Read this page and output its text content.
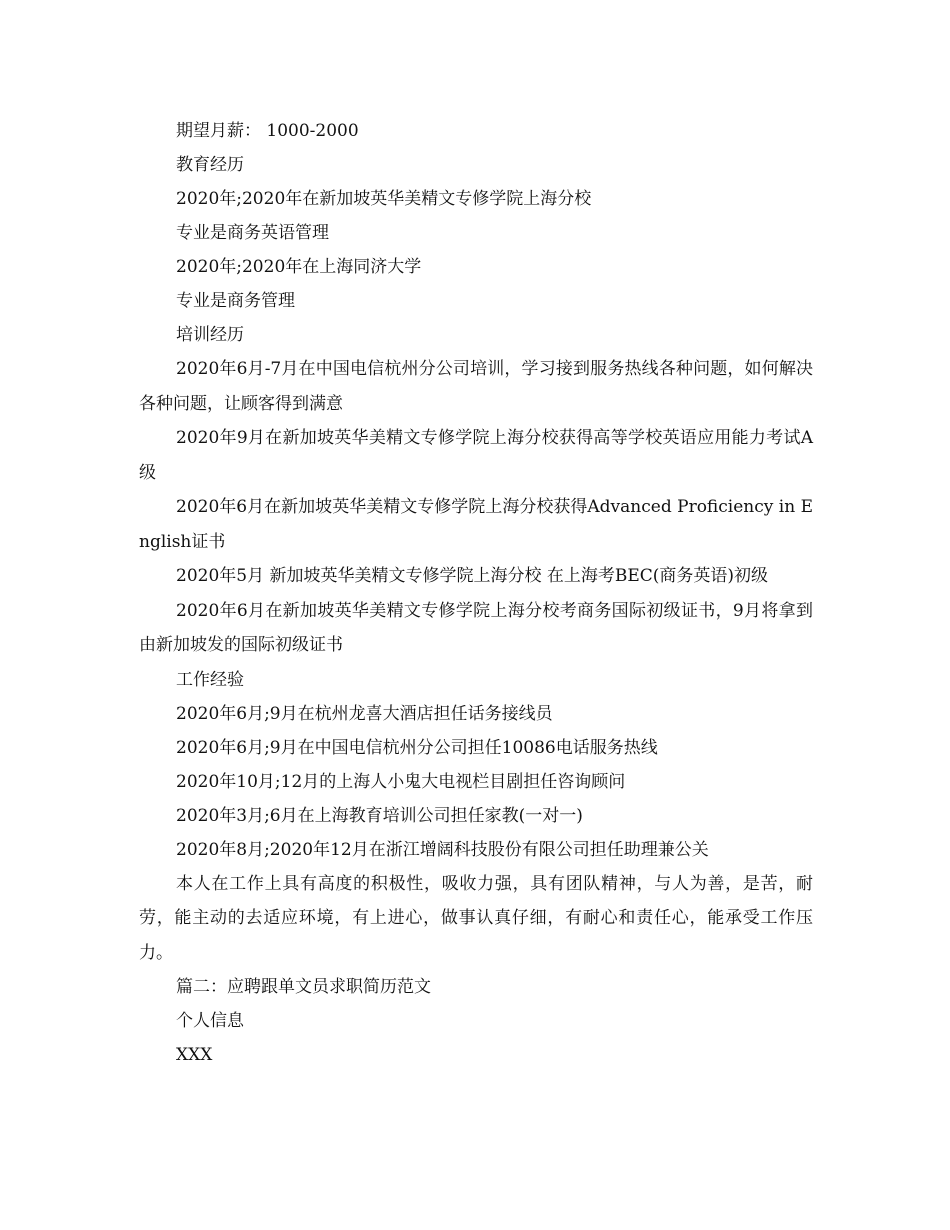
期望月薪： 1000-2000

教育经历

2020年;2020年在新加坡英华美精文专修学院上海分校

专业是商务英语管理

2020年;2020年在上海同济大学

专业是商务管理

培训经历

2020年6月-7月在中国电信杭州分公司培训，学习接到服务热线各种问题，如何解决各种问题，让顾客得到满意

2020年9月在新加坡英华美精文专修学院上海分校获得高等学校英语应用能力考试A级

2020年6月在新加坡英华美精文专修学院上海分校获得Advanced Proficiency in English证书

2020年5月 新加坡英华美精文专修学院上海分校 在上海考BEC(商务英语)初级

2020年6月在新加坡英华美精文专修学院上海分校考商务国际初级证书，9月将拿到由新加坡发的国际初级证书

工作经验

2020年6月;9月在杭州龙喜大酒店担任话务接线员

2020年6月;9月在中国电信杭州分公司担任10086电话服务热线

2020年10月;12月的上海人小鬼大电视栏目剧担任咨询顾问

2020年3月;6月在上海教育培训公司担任家教(一对一)

2020年8月;2020年12月在浙江增阔科技股份有限公司担任助理兼公关

本人在工作上具有高度的积极性，吸收力强，具有团队精神，与人为善，是苦，耐劳，能主动的去适应环境，有上进心，做事认真仔细，有耐心和责任心，能承受工作压力。

篇二：应聘跟单文员求职简历范文

个人信息

XXX
